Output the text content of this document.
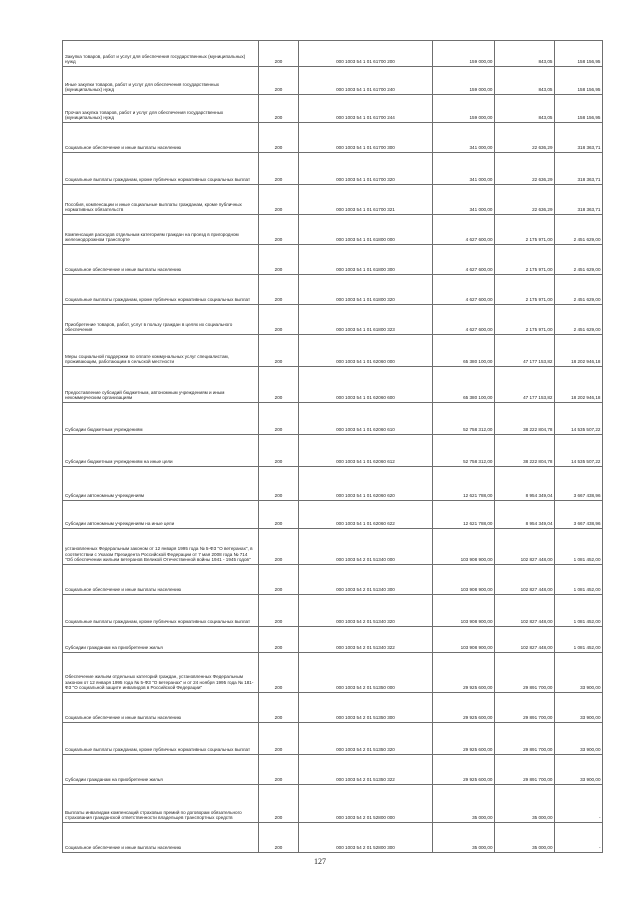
Закупка товаров, работ и услуг для обеспечения государственных (муниципальных) нужд	200	000 1003 54 1 01 61700 200	159 000,00	843,05	158 156,95
Иные закупки товаров, работ и услуг для обеспечения государственных (муниципальных) нужд	200	000 1003 54 1 01 61700 240	159 000,00	843,05	158 156,95
Прочая закупка товаров, работ и услуг для обеспечения государственных (муниципальных) нужд	200	000 1003 54 1 01 61700 244	159 000,00	843,05	158 156,95
Социальное обеспечение и иные выплаты населению	200	000 1003 54 1 01 61700 300	341 000,00	22 636,29	318 363,71
Социальные выплаты гражданам, кроме публичных нормативных социальных выплат	200	000 1003 54 1 01 61700 320	341 000,00	22 636,29	318 363,71
Пособия, компенсации и иные социальные выплаты гражданам, кроме публичных нормативных обязательств	200	000 1003 54 1 01 61700 321	341 000,00	22 636,29	318 363,71
Компенсация расходов отдельным категориям граждан на проезд в пригородном железнодорожном транспорте	200	000 1003 54 1 01 61800 000	4 627 600,00	2 175 971,00	2 451 629,00
Социальное обеспечение и иные выплаты населению	200	000 1003 54 1 01 61800 300	4 627 600,00	2 175 971,00	2 451 629,00
Социальные выплаты гражданам, кроме публичных нормативных социальных выплат	200	000 1003 54 1 01 61800 320	4 627 600,00	2 175 971,00	2 451 629,00
Приобретение товаров, работ, услуг в пользу граждан в целях их социального обеспечения	200	000 1003 54 1 01 61800 323	4 627 600,00	2 175 971,00	2 451 629,00
Меры социальной поддержки по оплате коммунальных услуг специалистам, проживающим, работающим в сельской местности	200	000 1003 54 1 01 62060 000	65 380 100,00	47 177 153,82	18 202 946,18
Предоставление субсидий бюджетным, автономным учреждениям и иным некоммерческим организациям	200	000 1003 54 1 01 62060 600	65 380 100,00	47 177 153,82	18 202 946,18
Субсидии бюджетным учреждениям	200	000 1003 54 1 01 62060 610	52 758 312,00	38 222 804,78	14 535 507,22
Субсидии бюджетным учреждениям на иные цели	200	000 1003 54 1 01 62060 612	52 758 312,00	38 222 804,78	14 535 507,22
Субсидии автономным учреждениям	200	000 1003 54 1 01 62060 620	12 621 788,00	8 954 349,04	3 667 438,96
Субсидии автономным учреждениям на иные цели	200	000 1003 54 1 01 62060 622	12 621 788,00	8 954 349,04	3 667 438,96
установленных Федеральным законом от 12 января 1995 года № 5-ФЗ "О ветеранах", в соответствии с Указом Президента Российской Федерации от 7 мая 2008 года № 714 "Об обеспечении жильем ветеранов Великой Отечественной войны 1941 - 1945 годов"	200	000 1003 54 2 01 51340 000	103 908 900,00	102 827 448,00	1 081 452,00
Социальное обеспечение и иные выплаты населению	200	000 1003 54 2 01 51340 300	103 908 900,00	102 827 448,00	1 081 452,00
Социальные выплаты гражданам, кроме публичных нормативных социальных выплат	200	000 1003 54 2 01 51340 320	103 908 900,00	102 827 448,00	1 081 452,00
Субсидии гражданам на приобретение жилья	200	000 1003 54 2 01 51340 322	103 908 900,00	102 827 448,00	1 081 452,00
Обеспечение жильем отдельных категорий граждан, установленных Федеральным законом от 12 января 1995 года № 5-ФЗ "О ветеранах" и от 24 ноября 1995 года № 181-ФЗ "О социальной защите инвалидов в Российской Федерации"	200	000 1003 54 2 01 51350 000	29 925 600,00	29 891 700,00	33 900,00
Социальное обеспечение и иные выплаты населению	200	000 1003 54 2 01 51350 300	29 925 600,00	29 891 700,00	33 900,00
Социальные выплаты гражданам, кроме публичных нормативных социальных выплат	200	000 1003 54 2 01 51350 320	29 925 600,00	29 891 700,00	33 900,00
Субсидии гражданам на приобретение жилья	200	000 1003 54 2 01 51350 322	29 925 600,00	29 891 700,00	33 900,00
Выплаты инвалидам компенсаций страховых премий по договорам обязательного страхования гражданской ответственности владельцев транспортных средств	200	000 1003 54 2 01 52800 000	35 000,00	35 000,00	-
Социальное обеспечение и иные выплаты населению	200	000 1003 54 2 01 52800 300	35 000,00	35 000,00	-
127
